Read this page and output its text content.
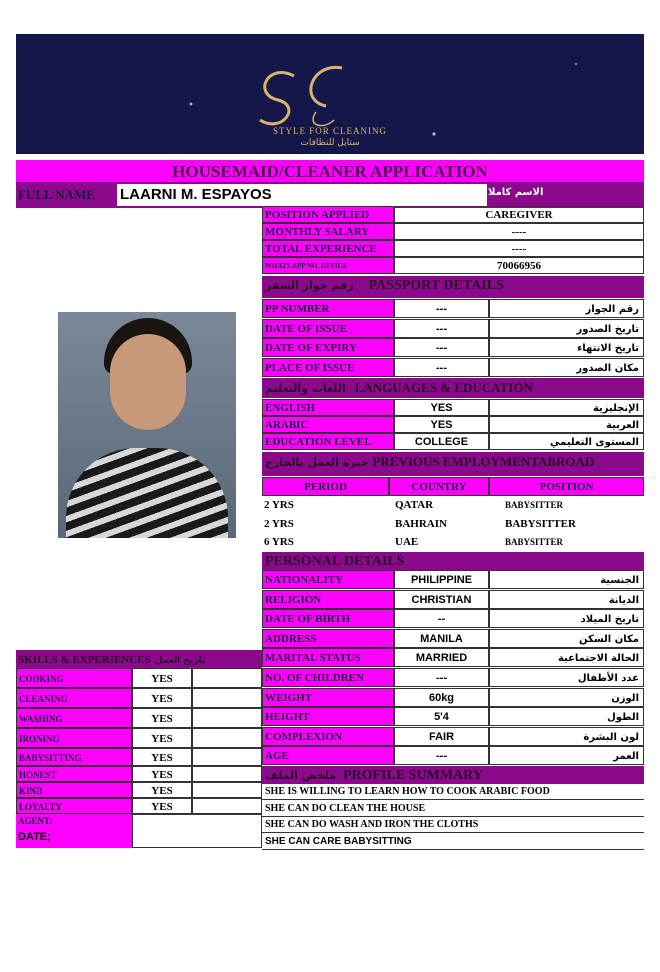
STYLE FOR CLEANING
ستايل للنظافات
HOUSEMAID/CLEANER APPLICATION
FULL NAME	LAARNI M. ESPAYOS	الاسم كاملا
رقم جواز السفر PASSPORT DETAILS
اللغات والتعليم LANGUAGES & EDUCATION
خبرة العمل بالخارج PREVIOUS EMPLOYMENTABROAD
PERIOD	COUNTRY	POSITION
PERSONAL DETAILS
SKILLS & EXPERIENCES تاريخ العمل
AGENT:
DATE;
ملخص الملف PROFILE SUMMARY
POSITION APPLIED	CAREGIVER
MONTHLY SALARY	----
TOTAL EXPERIENCE	----
WHATS APP NO. OFFICE	70066956
PP NUMBER	---	رقم الجواز
DATE OF ISSUE	---	تاريخ الصدور
DATE OF EXPIRY	---	تاريخ الانتهاء
PLACE OF ISSUE	---	مكان الصدور
ENGLISH	YES	الإنجليزية
ARABIC	YES	العربية
EDUCATION LEVEL	COLLEGE	المستوى التعليمي
2 YRS	QATAR	BABYSITTER
2 YRS	BAHRAIN	BABYSITTER
6 YRS	UAE	BABYSITTER
NATIONALITY	PHILIPPINE	الجنسية
RELIGION	CHRISTIAN	الديانة
DATE OF BIRTH	--	تاريخ الميلاد
ADDRESS	MANILA	مكان السكن
MARITAL STATUS	MARRIED	الحالة الاجتماعية
NO. OF CHILDREN	---	عدد الأطفال
WEIGHT	60kg	الوزن
HEIGHT	5'4	الطول
COMPLEXION	FAIR	لون البشرة
AGE	---	العمر
COOKING	YES
CLEANING	YES
WASHING	YES
IRONING	YES
BABYSITTING	YES
HONEST	YES
KIND	YES
LOYALTY	YES
SHE IS WILLING TO LEARN HOW TO COOK ARABIC FOOD
SHE CAN DO CLEAN THE HOUSE
SHE CAN DO WASH AND IRON THE CLOTHS
SHE CAN CARE BABYSITTING
